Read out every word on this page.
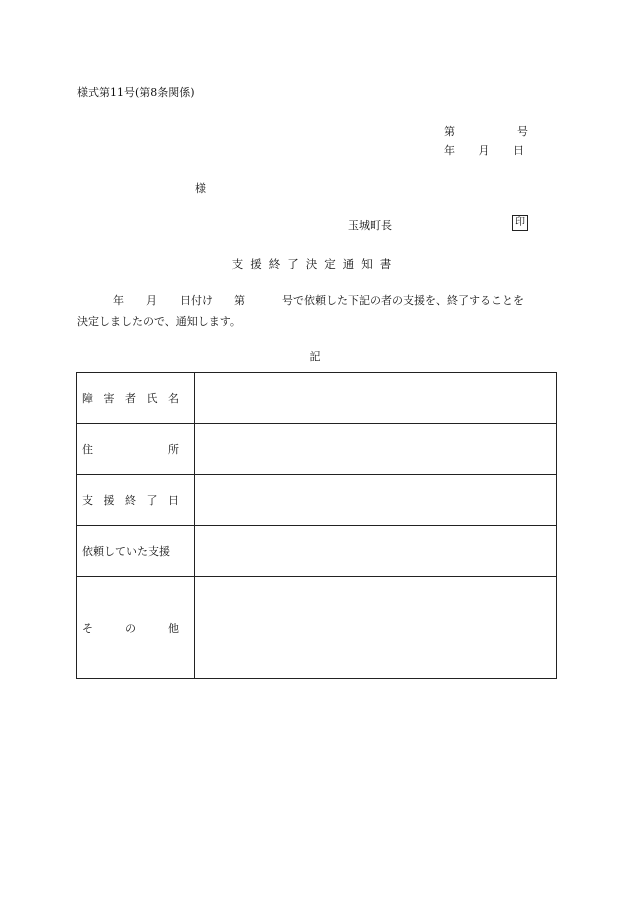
様式第11号(第8条関係)
第	号
年 月 日
様
玉城町長	印
支援終了決定通知書
年 月 日付け 第	号で依頼した下記の者の支援を、終了することを
決定しましたので、通知します。
記
障 害 者 氏 名	

住 所	

支 援 終 了 日	

依頼していた支援	

そ の 他	
